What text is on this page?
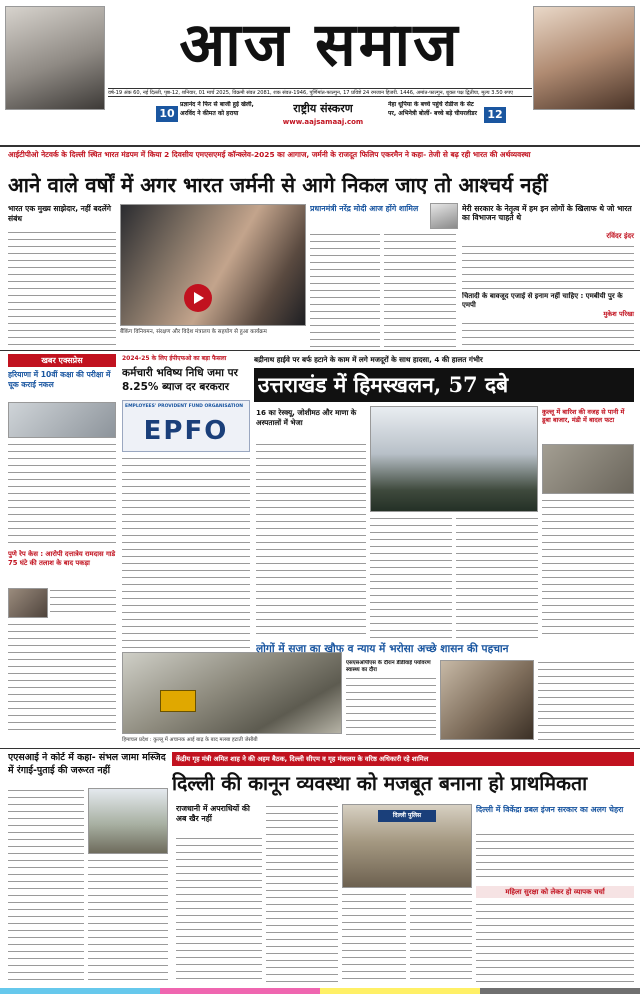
आज समाज
वर्ष-19 अंक 60, नई दिल्ली, पृष्ठ-12, शनिवार, 01 मार्च 2025, विक्रमी संवत 2081, शक संवत-1946, पूर्णिमांत-फाल्गुन, 17 प्रविष्टे 24 रमजान हिजरी. 1446, अमांत-फाल्गुन, शुक्ल पक्ष द्वितीया, मूल्य 3.50 रुपए
10
प्रज्ञानंद ने फिर से बाजी हुई खेली, अरविंद ने कीमत को हराया	राष्ट्रीय संस्करण
www.aajsamaaj.com
नेहा धूपिया के बच्चे पहुंचे रोडीज के सेट पर, अभिनेत्री बोलीं- बच्चे बड़े चीयरलीडर 12
आईटीपीओ नेटवर्क के दिल्ली स्थित भारत मंडपम में किया 2 दिवसीय एमएसएमई कॉन्क्लेव-2025 का आगाज, जर्मनी के राजदूत फिलिप एकरमैन ने कहा- तेजी से बढ़ रही भारत की अर्थव्यवस्था
आने वाले वर्षों में अगर भारत जर्मनी से आगे निकल जाए तो आश्चर्य नहीं
भारत एक मुख्य साझेदार, नहीं बदलेंगे संबंध
बैंकिंग विनियमन, संरक्षण और विदेश मंत्रालय के सहयोग से हुआ कार्यक्रम
प्रधानमंत्री नरेंद्र मोदी आज होंगे शामिल	मेरी सरकार के नेतृत्व में हम इन लोगों के खिलाफ थे जो भारत का विभाजन चाहते थे
रविंदर इंदर
चितादी के बावजूद एजाई से इनाम नहीं चाहिए : एमबीयी पुर के एमपी
मुकेश परिखा
खबर एक्सप्रेस
हरियाणा में 10वीं कक्षा की परीक्षा में चूक कराई नकल
पुणे रेप केस : आरोपी दत्तात्रेय रामदास गाडे 75 घंटे की तलाश के बाद पकड़ा
2024-25 के लिए ईपीएफओ का बड़ा फैसला
कर्मचारी भविष्य निधि जमा पर 8.25% ब्याज दर बरकरार
EMPLOYEES' PROVIDENT FUND ORGANISATION
EPFO
बद्रीनाथ हाईवे पर बर्फ हटाने के काम में लगे मजदूरों के साथ हादसा, 4 की हालत गंभीर
उत्तराखंड में हिमस्खलन, 57 दबे
16 का रेस्क्यू, जोशीमठ और माणा के अस्पतालों में भेजा
कुल्लू में बारिश की वजह से पानी में डूबा बाजार, मंडी में बादल फटा
हिमाचल प्रदेश : कुल्लू में अचानक आई बाढ़ के बाद मलबा हटाती जेसीबी
लोगों में सजा का खौफ व न्याय में भरोसा अच्छे शासन की पहचान
एसएसओपीएस के दौरान डीडीवाई पर्यावरण स्वास्थ्य का दौरा
एएसआई ने कोर्ट में कहा- संभल जामा मस्जिद में रंगाई-पुताई की जरूरत नहीं
केंद्रीय गृह मंत्री अमित शाह ने की अहम बैठक, दिल्ली सीएम व गृह मंत्रालय के वरिष्ठ अधिकारी रहे शामिल
दिल्ली की कानून व्यवस्था को मजबूत बनाना हो प्राथमिकता
राजधानी में अपराधियों की अब खैर नहीं	दिल्ली पुलिस
दिल्ली में विकेंद्रा डबल इंजन सरकार का अलग चेहरा
महिला सुरक्षा को लेकर हो व्यापक चर्चा
